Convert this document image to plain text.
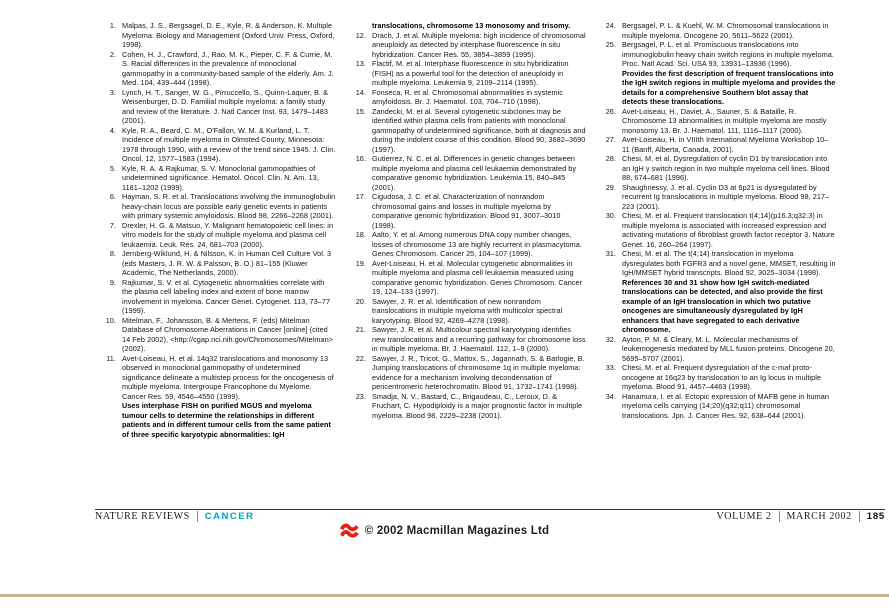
1. Malpas, J. S., Bergsagel, D. E., Kyle, R. & Anderson, K. Multiple Myeloma: Biology and Management (Oxford Univ. Press, Oxford, 1998).
2. Cohen, H. J., Crawford, J., Rao, M. K., Pieper, C. F. & Currie, M. S. Racial differences in the prevalence of monoclonal gammopathy in a community-based sample of the elderly. Am. J. Med. 104, 439–444 (1998).
3. Lynch, H. T., Sanger, W. G., Pirruccello, S., Quinn-Laquer, B. & Weisenburger, D. D. Familial multiple myeloma: a family study and review of the literature. J. Natl Cancer Inst. 93, 1479–1483 (2001).
4. Kyle, R. A., Beard, C. M., O'Fallon, W. M. & Kurland, L. T. Incidence of multiple myeloma in Olmsted County, Minnesota: 1978 through 1990, with a review of the trend since 1945. J. Clin. Oncol. 12, 1577–1583 (1994).
5. Kyle, R. A. & Rajkumar, S. V. Monoclonal gammopathies of undetermined significance. Hematol. Oncol. Clin. N. Am. 13, 1181–1202 (1999).
6. Hayman, S. R. et al. Translocations involving the immunoglobulin heavy-chain locus are possible early genetic events in patients with primary systemic amyloidosis. Blood 98, 2266–2268 (2001).
7. Drexler, H. G. & Matsuo, Y. Malignant hematopoietic cell lines: in vitro models for the study of multiple myeloma and plasma cell leukaemia. Leuk. Res. 24, 681–703 (2000).
8. Jernberg-Wiklund, H. & Nilsson, K. in Human Cell Culture Vol. 3 (eds Masters, J. R. W. & Palsson, B. O.) 81–155 (Kluwer Academic, The Netherlands, 2000).
9. Rajkumar, S. V. et al. Cytogenetic abnormalities correlate with the plasma cell labeling index and extent of bone marrow involvement in myeloma. Cancer Genet. Cytogenet. 113, 73–77 (1999).
10. Mitelman, F., Johansson, B. & Mertens, F. (eds) Mitelman Database of Chromosome Aberrations in Cancer [online] (cited 14 Feb 2002), <http://cgap.nci.nih.gov/Chromosomes/Mitelman> (2002).
11. Avet-Loiseau, H. et al. 14q32 translocations and monosomy 13 observed in monoclonal gammopathy of undetermined significance delineate a multistep process for the oncogenesis of multiple myeloma. Intergroupe Francophone du Myelome. Cancer Res. 59, 4546–4550 (1999).
Uses interphase FISH on purified MGUS and myeloma tumour cells to determine the relationships in different patients and in different tumour cells from the same patient of three specific karyotypic abnormalities: IgH
translocations, chromosome 13 monosomy and trisomy.
12. Drach, J. et al. Multiple myeloma: high incidence of chromosomal aneuploidy as detected by interphase fluorescence in situ hybridization. Cancer Res. 55, 3854–3859 (1995).
13. Flactif, M. et al. Interphase fluorescence in situ hybridization (FISH) as a powerful tool for the detection of aneuploidy in multiple myeloma. Leukemia 9, 2109–2114 (1995).
14. Fonseca, R. et al. Chromosomal abnormalities in systemic amyloidosis. Br. J. Haematol. 103, 704–710 (1998).
15. Zandecki, M. et al. Several cytogenetic subclones may be identified within plasma cells from patients with monoclonal gammopathy of undetermined significance, both at diagnosis and during the indolent course of this condition. Blood 90, 3682–3690 (1997).
16. Gutierrez, N. C. et al. Differences in genetic changes between multiple myeloma and plasma cell leukaemia demonstrated by comparative genomic hybridization. Leukemia 15, 840–845 (2001).
17. Cigudosa, J. C. et al. Characterization of nonrandom chromosomal gains and losses in multiple myeloma by comparative genomic hybridization. Blood 91, 3007–3010 (1998).
18. Aalto, Y. et al. Among numerous DNA copy number changes, losses of chromosome 13 are highly recurrent in plasmacytoma. Genes Chromosom. Cancer 25, 104–107 (1999).
19. Avet-Loiseau, H. et al. Molecular cytogenetic abnormalities in multiple myeloma and plasma cell leukaemia measured using comparative genomic hybridization. Genes Chromosom. Cancer 19, 124–133 (1997).
20. Sawyer, J. R. et al. Identification of new nonrandom translocations in multiple myeloma with multicolor spectral karyotyping. Blood 92, 4269–4278 (1998).
21. Sawyer, J. R. et al. Multicolour spectral karyotyping identifies new translocations and a recurring pathway for chromosome loss in multiple myeloma. Br. J. Haematol. 112, 1–9 (2000).
22. Sawyer, J. R., Tricot, G., Mattox, S., Jagannath, S. & Barlogie, B. Jumping translocations of chromosome 1q in multiple myeloma: evidence for a mechanism involving decondensation of pericentromeric heterochromatin. Blood 91, 1732–1741 (1998).
23. Smadja, N. V., Bastard, C., Brigaudeau, C., Leroux, D. & Fruchart, C. Hypodiploidy is a major prognostic factor in multiple myeloma. Blood 98, 2229–2238 (2001).
24. Bergsagel, P. L. & Kuehl, W. M. Chromosomal translocations in multiple myeloma. Oncogene 20, 5611–5622 (2001).
25. Bergsagel, P. L. et al. Promiscuous translocations into immunoglobulin heavy chain switch regions in multiple myeloma. Proc. Natl Acad. Sci. USA 93, 13931–13936 (1996).
Provides the first description of frequent translocations into the IgH switch regions in multiple myeloma and provides the details for a comprehensive Southern blot assay that detects these translocations.
26. Avet-Loiseau, H., Daviet, A., Sauner, S. & Bataille, R. Chromosome 13 abnormalities in multiple myeloma are mostly monosomy 13. Br. J. Haematol. 111, 1116–1117 (2000).
27. Avet-Loiseau, H. in VIIIth International Myeloma Workshop 10–11 (Banff, Alberta, Canada, 2001).
28. Chesi, M. et al. Dysregulation of cyclin D1 by translocation into an IgH γ switch region in two multiple myeloma cell lines. Blood 88, 674–681 (1996).
29. Shaughnessy, J. et al. Cyclin D3 at 6p21 is dysregulated by recurrent Ig translocations in multiple myeloma. Blood 98, 217–223 (2001).
30. Chesi, M. et al. Frequent translocation t(4;14)(p16.3;q32.3) in multiple myeloma is associated with increased expression and activating mutations of fibroblast growth factor receptor 3. Nature Genet. 16, 260–264 (1997).
31. Chesi, M. et al. The t(4;14) translocation in myeloma dysregulates both FGFR3 and a novel gene, MMSET, resulting in IgH/MMSET hybrid transcripts. Blood 92, 3025–3034 (1998).
References 30 and 31 show how IgH switch-mediated translocations can be detected, and also provide the first example of an IgH translocation in which two putative oncogenes are simultaneously dysregulated by IgH enhancers that have segregated to each derivative chromosome.
32. Ayton, P. M. & Cleary, M. L. Molecular mechanisms of leukemogenesis mediated by MLL fusion proteins. Oncogene 20, 5695–5707 (2001).
33. Chesi, M. et al. Frequent dysregulation of the c-maf proto-oncogene at 16q23 by translocation to an Ig locus in multiple myeloma. Blood 91, 4457–4463 (1998).
34. Hanamura, I. et al. Ectopic expression of MAFB gene in human myeloma cells carrying (14;20)(q32;q11) chromosomal translocations. Jpn. J. Cancer Res. 92, 638–644 (2001).
NATURE REVIEWS CANCER	VOLUME 2 MARCH 2002 185
© 2002 Macmillan Magazines Ltd
